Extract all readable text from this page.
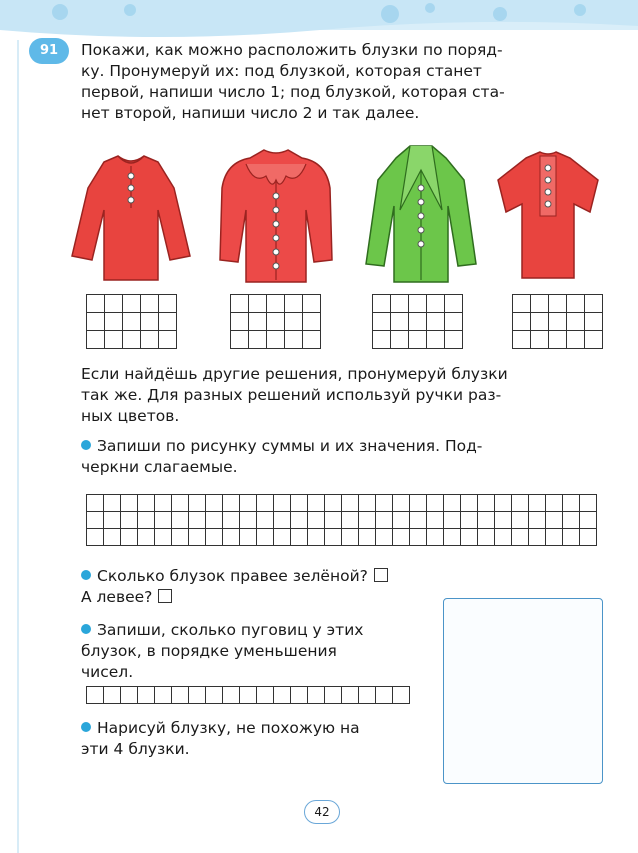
91	Покажи, как можно расположить блузки по поряд-
ку. Пронумеруй их: под блузкой, которая станет
первой, напиши число 1; под блузкой, которая ста-
нет второй, напиши число 2 и так далее.

Если найдёшь другие решения, пронумеруй блузки
так же. Для разных решений используй ручки раз-
ных цветов.
Запиши по рисунку суммы и их значения. Под-
черкни слагаемые.
Сколько блузок правее зелёной?
А левее?
Запиши, сколько пуговиц у этих
блузок, в порядке уменьшения
чисел.
Нарисуй блузку, не похожую на
эти 4 блузки.
42
